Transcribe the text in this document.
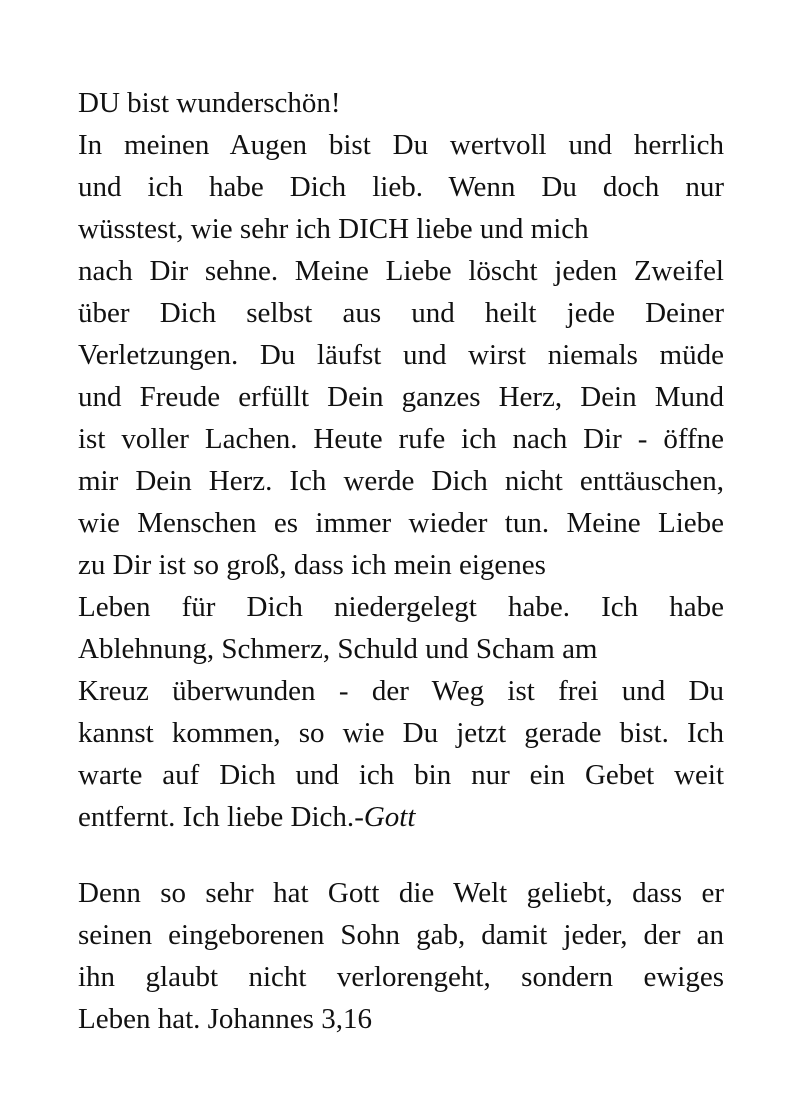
DU bist wunderschön!
In meinen Augen bist Du wertvoll und herrlich
und ich habe Dich lieb. Wenn Du doch nur
wüsstest, wie sehr ich DICH liebe und mich
nach Dir sehne. Meine Liebe löscht jeden Zweifel
über Dich selbst aus und heilt jede Deiner
Verletzungen. Du läufst und wirst niemals müde
und Freude erfüllt Dein ganzes Herz, Dein Mund
ist voller Lachen. Heute rufe ich nach Dir - öffne
mir Dein Herz. Ich werde Dich nicht enttäuschen,
wie Menschen es immer wieder tun. Meine Liebe
zu Dir ist so groß, dass ich mein eigenes
Leben für Dich niedergelegt habe. Ich habe
Ablehnung, Schmerz, Schuld und Scham am
Kreuz überwunden - der Weg ist frei und Du
kannst kommen, so wie Du jetzt gerade bist. Ich
warte auf Dich und ich bin nur ein Gebet weit
entfernt. Ich liebe Dich.-Gott
Denn so sehr hat Gott die Welt geliebt, dass er
seinen eingeborenen Sohn gab, damit jeder, der an
ihn glaubt nicht verlorengeht, sondern ewiges
Leben hat. Johannes 3,16
